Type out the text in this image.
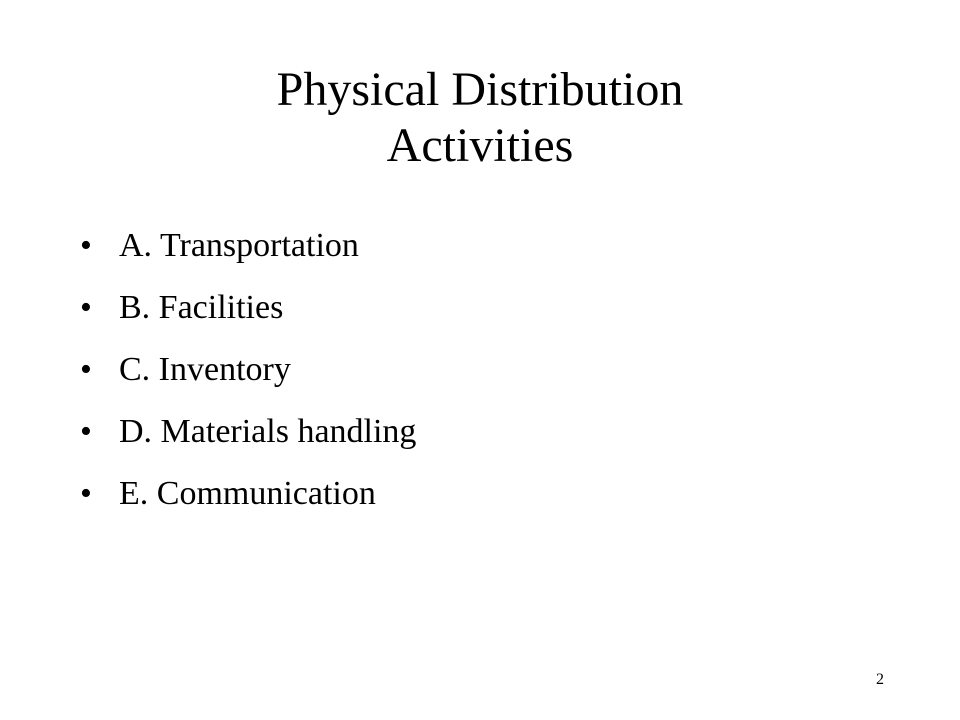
Physical Distribution
Activities
• A. Transportation
• B. Facilities
• C. Inventory
• D. Materials handling
• E. Communication
2
